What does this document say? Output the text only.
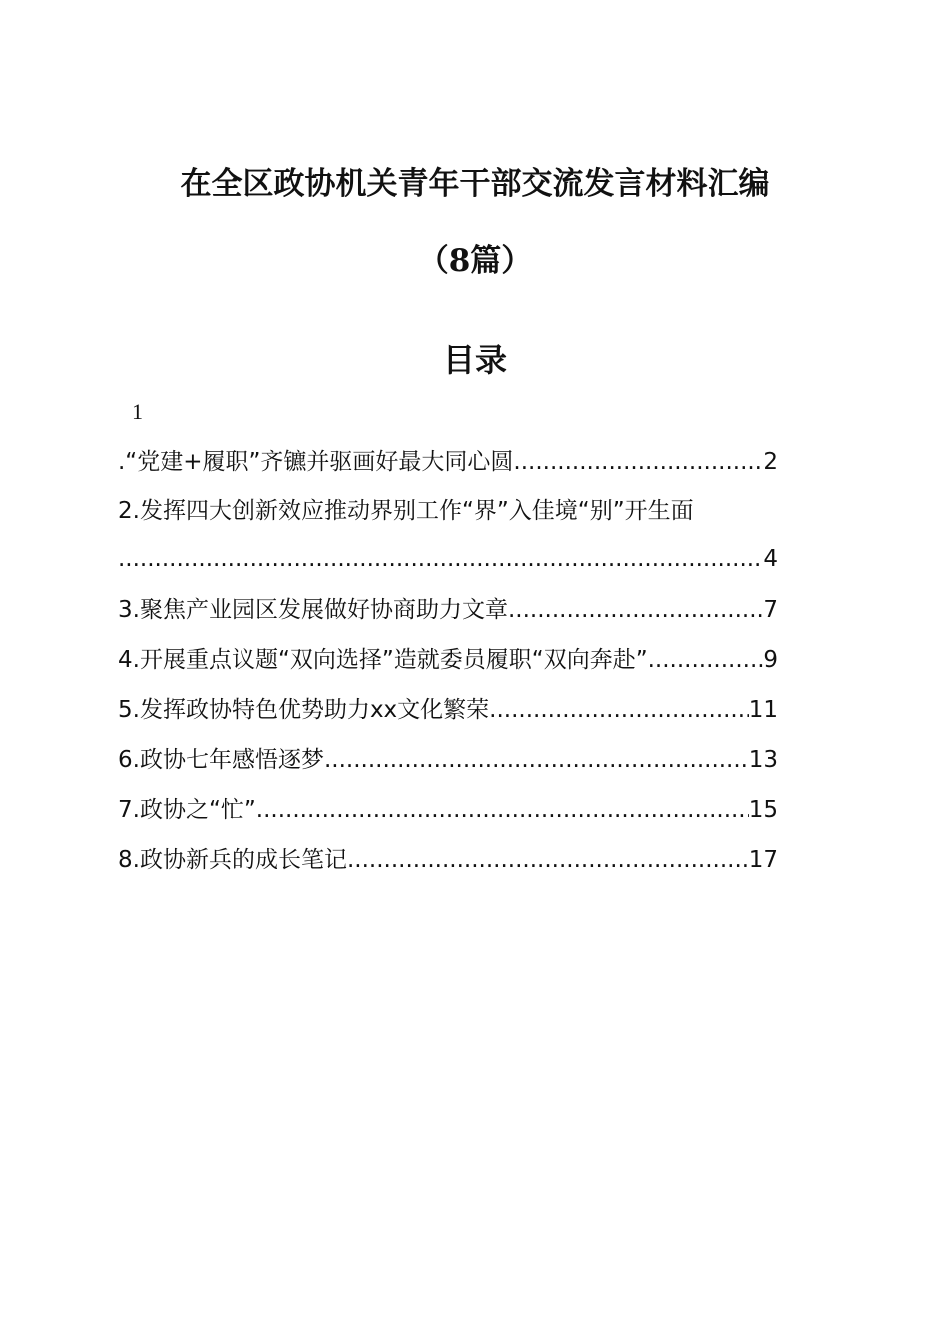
在全区政协机关青年干部交流发言材料汇编
（8篇）
目录
1
.“党建+履职”齐镳并驱画好最大同心圆 .....	2
2.发挥四大创新效应推动界别工作“界”入佳境“别”开生面
.....
4
3.聚焦产业园区发展做好协商助力文章 .....	7
4.开展重点议题“双向选择”造就委员履职“双向奔赴” .....	9
5.发挥政协特色优势助力xx文化繁荣 .....	11
6.政协七年感悟逐梦 .....	13
7.政协之“忙” .....	15
8.政协新兵的成长笔记 .....	17
